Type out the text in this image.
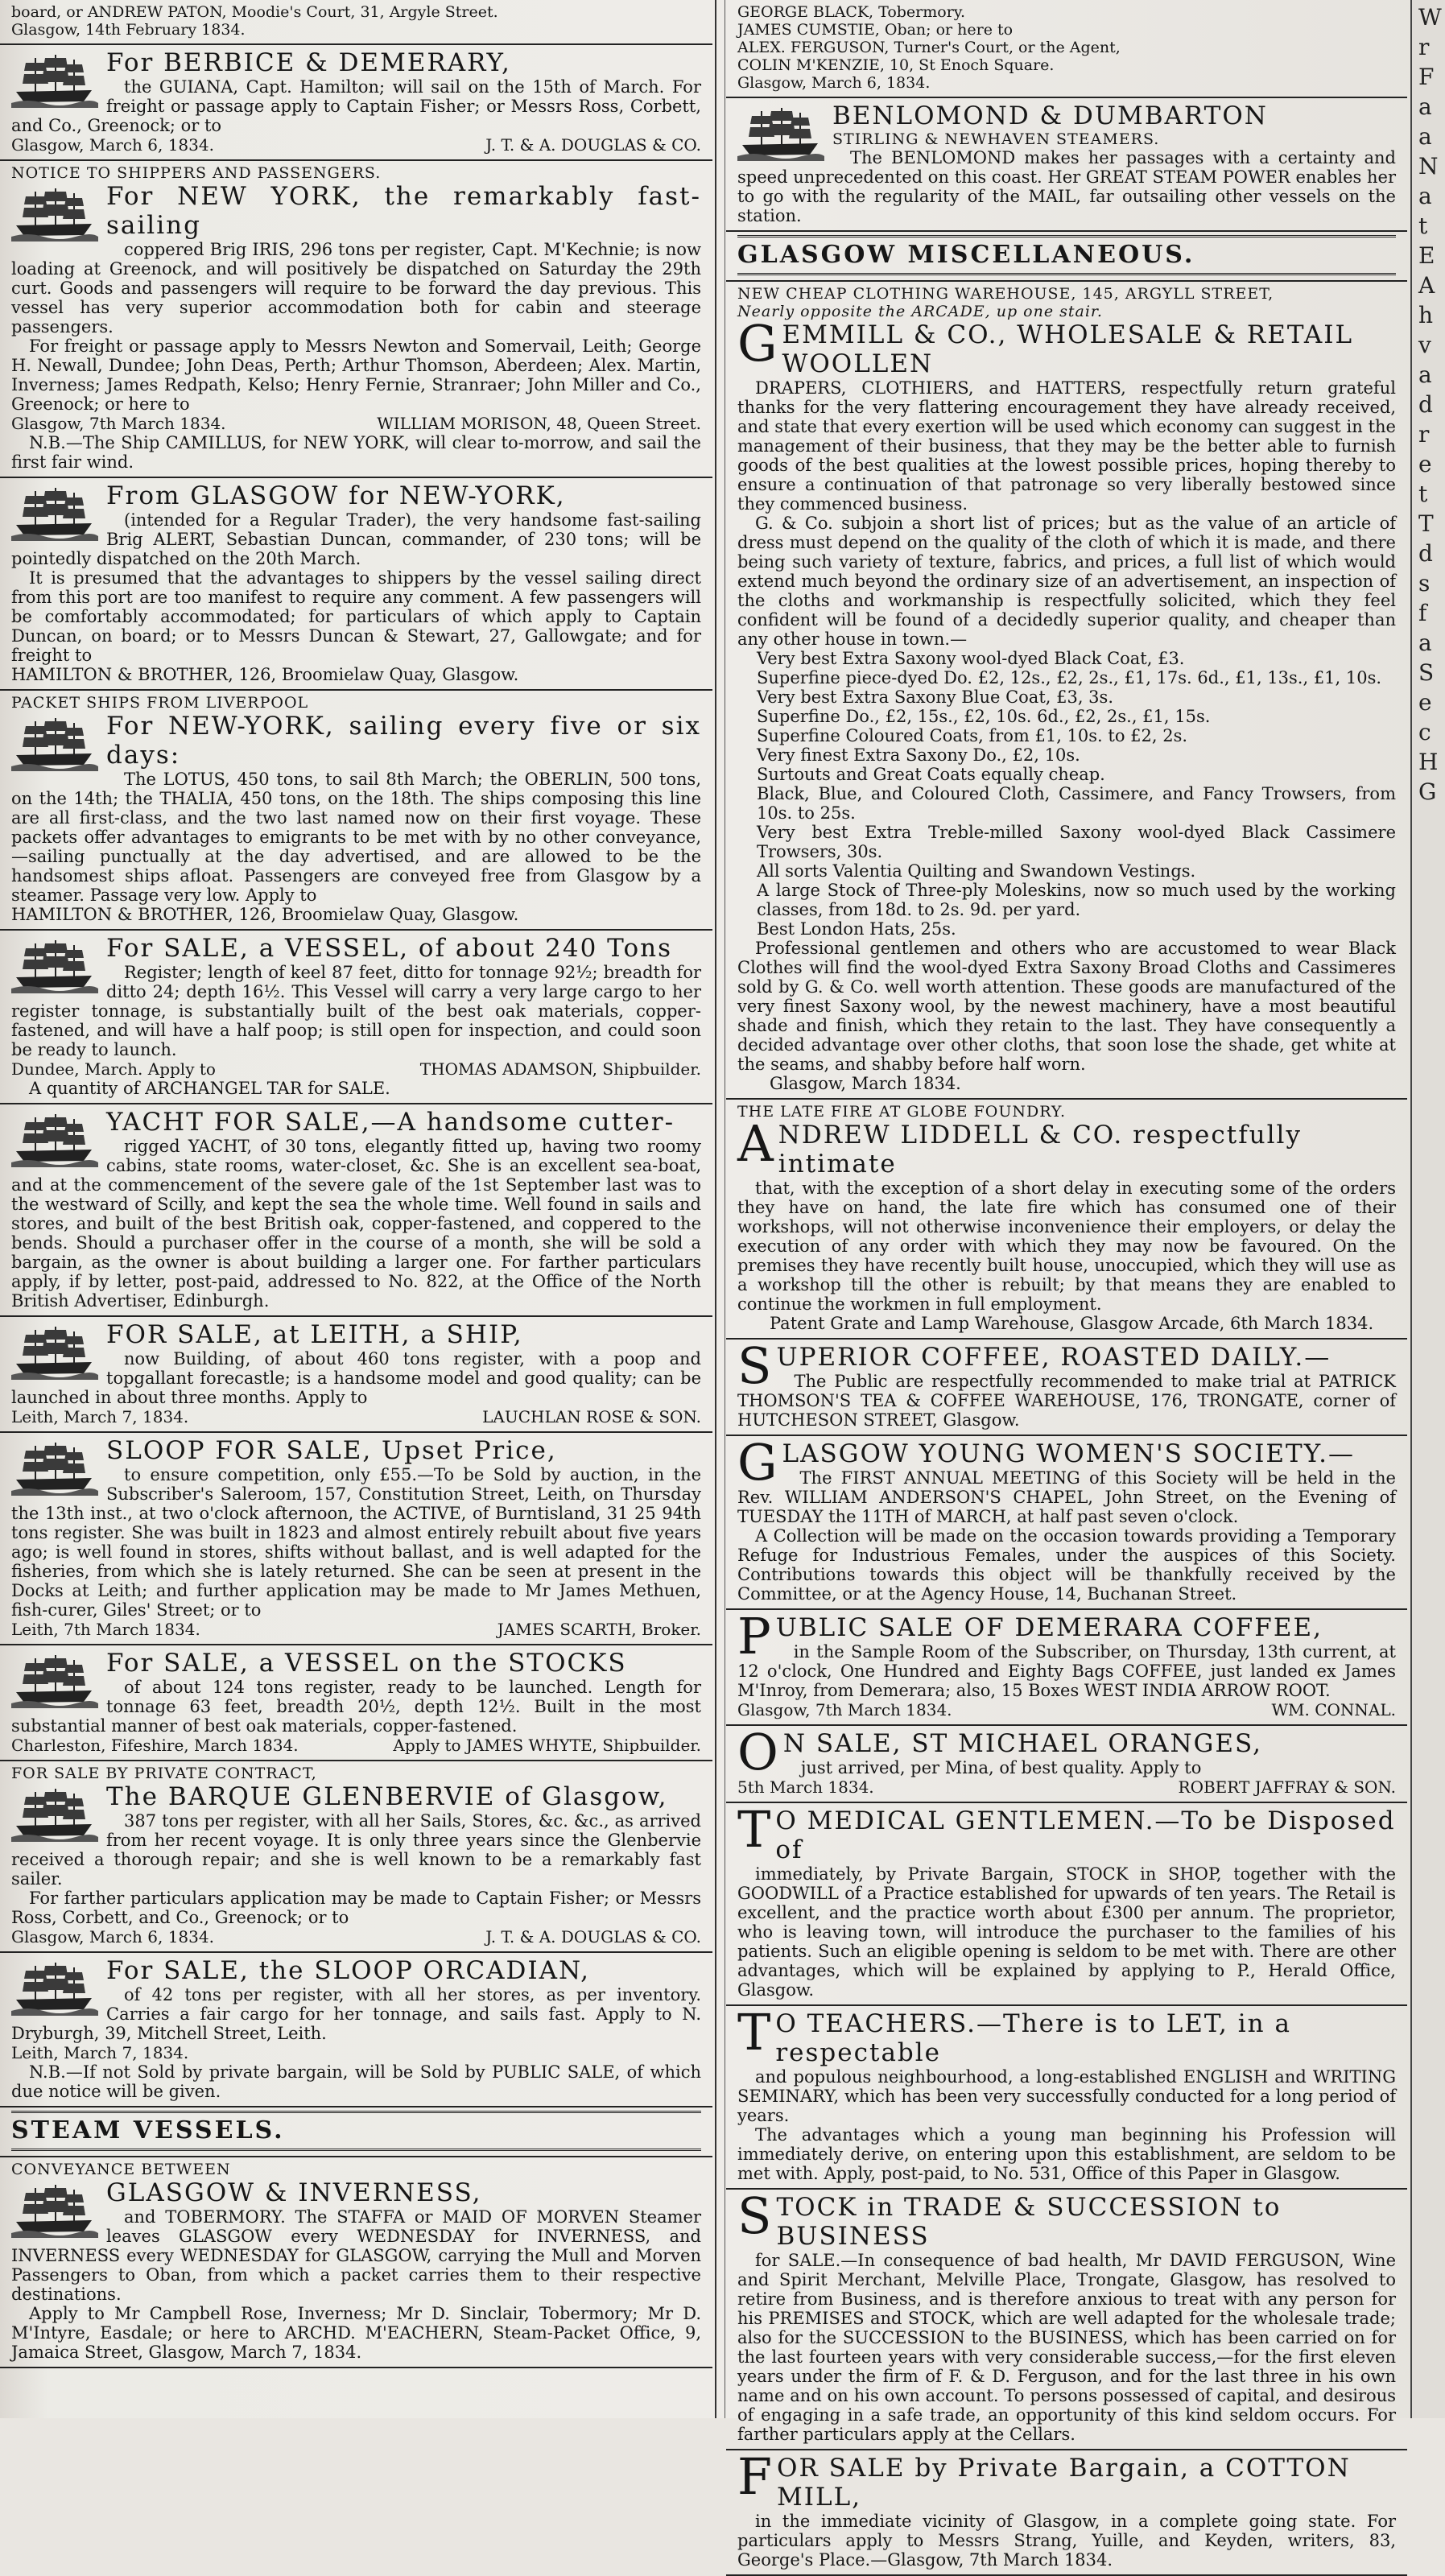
board, or ANDREW PATON, Moodie's Court, 31, Argyle Street.

Glasgow, 14th February 1834.

For BERBICE & DEMERARY,

the GUIANA, Capt. Hamilton; will sail on the 15th of March. For freight or passage apply to Captain Fisher; or Messrs Ross, Corbett, and Co., Greenock; or to

Glasgow, March 6, 1834.	J. T. & A. DOUGLAS & CO.

NOTICE TO SHIPPERS AND PASSENGERS.

For NEW YORK, the remarkably fast-sailing

coppered Brig IRIS, 296 tons per register, Capt. M'Kechnie; is now loading at Greenock, and will positively be dispatched on Saturday the 29th curt. Goods and passengers will require to be forward the day previous. This vessel has very superior accommodation both for cabin and steerage passengers.

For freight or passage apply to Messrs Newton and Somervail, Leith; George H. Newall, Dundee; John Deas, Perth; Arthur Thomson, Aberdeen; Alex. Martin, Inverness; James Redpath, Kelso; Henry Fernie, Stranraer; John Miller and Co., Greenock; or here to

Glasgow, 7th March 1834.	WILLIAM MORISON, 48, Queen Street.

N.B.—The Ship CAMILLUS, for NEW YORK, will clear to-morrow, and sail the first fair wind.

From GLASGOW for NEW-YORK,

(intended for a Regular Trader), the very handsome fast-sailing Brig ALERT, Sebastian Duncan, commander, of 230 tons; will be pointedly dispatched on the 20th March.

It is presumed that the advantages to shippers by the vessel sailing direct from this port are too manifest to require any comment. A few passengers will be comfortably accommodated; for particulars of which apply to Captain Duncan, on board; or to Messrs Duncan & Stewart, 27, Gallowgate; and for freight to

HAMILTON & BROTHER, 126, Broomielaw Quay, Glasgow.

PACKET SHIPS FROM LIVERPOOL

For NEW-YORK, sailing every five or six days:

The LOTUS, 450 tons, to sail 8th March; the OBERLIN, 500 tons, on the 14th; the THALIA, 450 tons, on the 18th. The ships composing this line are all first-class, and the two last named now on their first voyage. These packets offer advantages to emigrants to be met with by no other conveyance,—sailing punctually at the day advertised, and are allowed to be the handsomest ships afloat. Passengers are conveyed free from Glasgow by a steamer. Passage very low. Apply to

HAMILTON & BROTHER, 126, Broomielaw Quay, Glasgow.

For SALE, a VESSEL, of about 240 Tons

Register; length of keel 87 feet, ditto for tonnage 92½; breadth for ditto 24; depth 16½. This Vessel will carry a very large cargo to her register tonnage, is substantially built of the best oak materials, copper-fastened, and will have a half poop; is still open for inspection, and could soon be ready to launch.

Dundee, March. Apply to	THOMAS ADAMSON, Shipbuilder.

A quantity of ARCHANGEL TAR for SALE.

YACHT FOR SALE,—A handsome cutter-

rigged YACHT, of 30 tons, elegantly fitted up, having two roomy cabins, state rooms, water-closet, &c. She is an excellent sea-boat, and at the commencement of the severe gale of the 1st September last was to the westward of Scilly, and kept the sea the whole time. Well found in sails and stores, and built of the best British oak, copper-fastened, and coppered to the bends. Should a purchaser offer in the course of a month, she will be sold a bargain, as the owner is about building a larger one. For farther particulars apply, if by letter, post-paid, addressed to No. 822, at the Office of the North British Advertiser, Edinburgh.

FOR SALE, at LEITH, a SHIP,

now Building, of about 460 tons register, with a poop and topgallant forecastle; is a handsome model and good quality; can be launched in about three months. Apply to

Leith, March 7, 1834.	LAUCHLAN ROSE & SON.

SLOOP FOR SALE, Upset Price,

to ensure competition, only £55.—To be Sold by auction, in the Subscriber's Saleroom, 157, Constitution Street, Leith, on Thursday the 13th inst., at two o'clock afternoon, the ACTIVE, of Burntisland, 31 25 94th tons register. She was built in 1823 and almost entirely rebuilt about five years ago; is well found in stores, shifts without ballast, and is well adapted for the fisheries, from which she is lately returned. She can be seen at present in the Docks at Leith; and further application may be made to Mr James Methuen, fish-curer, Giles' Street; or to

Leith, 7th March 1834.	JAMES SCARTH, Broker.

For SALE, a VESSEL on the STOCKS

of about 124 tons register, ready to be launched. Length for tonnage 63 feet, breadth 20½, depth 12½. Built in the most substantial manner of best oak materials, copper-fastened.

Charleston, Fifeshire, March 1834.	Apply to JAMES WHYTE, Shipbuilder.

FOR SALE BY PRIVATE CONTRACT,

The BARQUE GLENBERVIE of Glasgow,

387 tons per register, with all her Sails, Stores, &c. &c., as arrived from her recent voyage. It is only three years since the Glenbervie received a thorough repair; and she is well known to be a remarkably fast sailer.

For farther particulars application may be made to Captain Fisher; or Messrs Ross, Corbett, and Co., Greenock; or to

Glasgow, March 6, 1834.	J. T. & A. DOUGLAS & CO.

For SALE, the SLOOP ORCADIAN,

of 42 tons per register, with all her stores, as per inventory. Carries a fair cargo for her tonnage, and sails fast. Apply to N. Dryburgh, 39, Mitchell Street, Leith.

Leith, March 7, 1834.

N.B.—If not Sold by private bargain, will be Sold by PUBLIC SALE, of which due notice will be given.

STEAM VESSELS.

CONVEYANCE BETWEEN

GLASGOW & INVERNESS,

and TOBERMORY. The STAFFA or MAID OF MORVEN Steamer leaves GLASGOW every WEDNESDAY for INVERNESS, and INVERNESS every WEDNESDAY for GLASGOW, carrying the Mull and Morven Passengers to Oban, from which a packet carries them to their respective destinations.

Apply to Mr Campbell Rose, Inverness; Mr D. Sinclair, Tobermory; Mr D. M'Intyre, Easdale; or here to ARCHD. M'EACHERN, Steam-Packet Office, 9, Jamaica Street, Glasgow, March 7, 1834.

GEORGE BLACK, Tobermory.

JAMES CUMSTIE, Oban; or here to

ALEX. FERGUSON, Turner's Court, or the Agent,

COLIN M'KENZIE, 10, St Enoch Square.

Glasgow, March 6, 1834.

BENLOMOND & DUMBARTON

STIRLING & NEWHAVEN STEAMERS.

The BENLOMOND makes her passages with a certainty and speed unprecedented on this coast. Her GREAT STEAM POWER enables her to go with the regularity of the MAIL, far outsailing other vessels on the station.

GLASGOW MISCELLANEOUS.

NEW CHEAP CLOTHING WAREHOUSE, 145, ARGYLL STREET,

Nearly opposite the ARCADE, up one stair.

G EMMILL & CO., WHOLESALE & RETAIL WOOLLEN

DRAPERS, CLOTHIERS, and HATTERS, respectfully return grateful thanks for the very flattering encouragement they have already received, and state that every exertion will be used which economy can suggest in the management of their business, that they may be the better able to furnish goods of the best qualities at the lowest possible prices, hoping thereby to ensure a continuation of that patronage so very liberally bestowed since they commenced business.

G. & Co. subjoin a short list of prices; but as the value of an article of dress must depend on the quality of the cloth of which it is made, and there being such variety of texture, fabrics, and prices, a full list of which would extend much beyond the ordinary size of an advertisement, an inspection of the cloths and workmanship is respectfully solicited, which they feel confident will be found of a decidedly superior quality, and cheaper than any other house in town.—

Very best Extra Saxony wool-dyed Black Coat, £3.

Superfine piece-dyed Do. £2, 12s., £2, 2s., £1, 17s. 6d., £1, 13s., £1, 10s.

Very best Extra Saxony Blue Coat, £3, 3s.

Superfine Do., £2, 15s., £2, 10s. 6d., £2, 2s., £1, 15s.

Superfine Coloured Coats, from £1, 10s. to £2, 2s.

Very finest Extra Saxony Do., £2, 10s.

Surtouts and Great Coats equally cheap.

Black, Blue, and Coloured Cloth, Cassimere, and Fancy Trowsers, from 10s. to 25s.

Very best Extra Treble-milled Saxony wool-dyed Black Cassimere Trowsers, 30s.

All sorts Valentia Quilting and Swandown Vestings.

A large Stock of Three-ply Moleskins, now so much used by the working classes, from 18d. to 2s. 9d. per yard.

Best London Hats, 25s.

Professional gentlemen and others who are accustomed to wear Black Clothes will find the wool-dyed Extra Saxony Broad Cloths and Cassimeres sold by G. & Co. well worth attention. These goods are manufactured of the very finest Saxony wool, by the newest machinery, have a most beautiful shade and finish, which they retain to the last. They have consequently a decided advantage over other cloths, that soon lose the shade, get white at the seams, and shabby before half worn.

Glasgow, March 1834.

THE LATE FIRE AT GLOBE FOUNDRY.

A NDREW LIDDELL & CO. respectfully intimate

that, with the exception of a short delay in executing some of the orders they have on hand, the late fire which has consumed one of their workshops, will not otherwise inconvenience their employers, or delay the execution of any order with which they may now be favoured. On the premises they have recently built house, unoccupied, which they will use as a workshop till the other is rebuilt; by that means they are enabled to continue the workmen in full employment.

Patent Grate and Lamp Warehouse, Glasgow Arcade, 6th March 1834.

S UPERIOR COFFEE, ROASTED DAILY.—

The Public are respectfully recommended to make trial at PATRICK THOMSON'S TEA & COFFEE WAREHOUSE, 176, TRONGATE, corner of HUTCHESON STREET, Glasgow.

G LASGOW YOUNG WOMEN'S SOCIETY.—

The FIRST ANNUAL MEETING of this Society will be held in the Rev. WILLIAM ANDERSON'S CHAPEL, John Street, on the Evening of TUESDAY the 11TH of MARCH, at half past seven o'clock.

A Collection will be made on the occasion towards providing a Temporary Refuge for Industrious Females, under the auspices of this Society. Contributions towards this object will be thankfully received by the Committee, or at the Agency House, 14, Buchanan Street.

P UBLIC SALE OF DEMERARA COFFEE,

in the Sample Room of the Subscriber, on Thursday, 13th current, at 12 o'clock, One Hundred and Eighty Bags COFFEE, just landed ex James M'Inroy, from Demerara; also, 15 Boxes WEST INDIA ARROW ROOT.

Glasgow, 7th March 1834.	WM. CONNAL.
O N SALE, ST MICHAEL ORANGES,

just arrived, per Mina, of best quality. Apply to

5th March 1834.	ROBERT JAFFRAY & SON.
T O MEDICAL GENTLEMEN.—To be Disposed of

immediately, by Private Bargain, STOCK in SHOP, together with the GOODWILL of a Practice established for upwards of ten years. The Retail is excellent, and the practice worth about £300 per annum. The proprietor, who is leaving town, will introduce the purchaser to the families of his patients. Such an eligible opening is seldom to be met with. There are other advantages, which will be explained by applying to P., Herald Office, Glasgow.

T O TEACHERS.—There is to LET, in a respectable

and populous neighbourhood, a long-established ENGLISH and WRITING SEMINARY, which has been very successfully conducted for a long period of years.

The advantages which a young man beginning his Profession will immediately derive, on entering upon this establishment, are seldom to be met with. Apply, post-paid, to No. 531, Office of this Paper in Glasgow.

S TOCK in TRADE & SUCCESSION to BUSINESS

for SALE.—In consequence of bad health, Mr DAVID FERGUSON, Wine and Spirit Merchant, Melville Place, Trongate, Glasgow, has resolved to retire from Business, and is therefore anxious to treat with any person for his PREMISES and STOCK, which are well adapted for the wholesale trade; also for the SUCCESSION to the BUSINESS, which has been carried on for the last fourteen years with very considerable success,—for the first eleven years under the firm of F. & D. Ferguson, and for the last three in his own name and on his own account. To persons possessed of capital, and desirous of engaging in a safe trade, an opportunity of this kind seldom occurs. For farther particulars apply at the Cellars.

F OR SALE by Private Bargain, a COTTON MILL,

in the immediate vicinity of Glasgow, in a complete going state. For particulars apply to Messrs Strang, Yuille, and Keyden, writers, 83, George's Place.—Glasgow, 7th March 1834.

W
r
F
a
a
N
a
t
E
A
h
v
a
d
r
e
t
T
d
s
f
a
S
e
c
H
G
